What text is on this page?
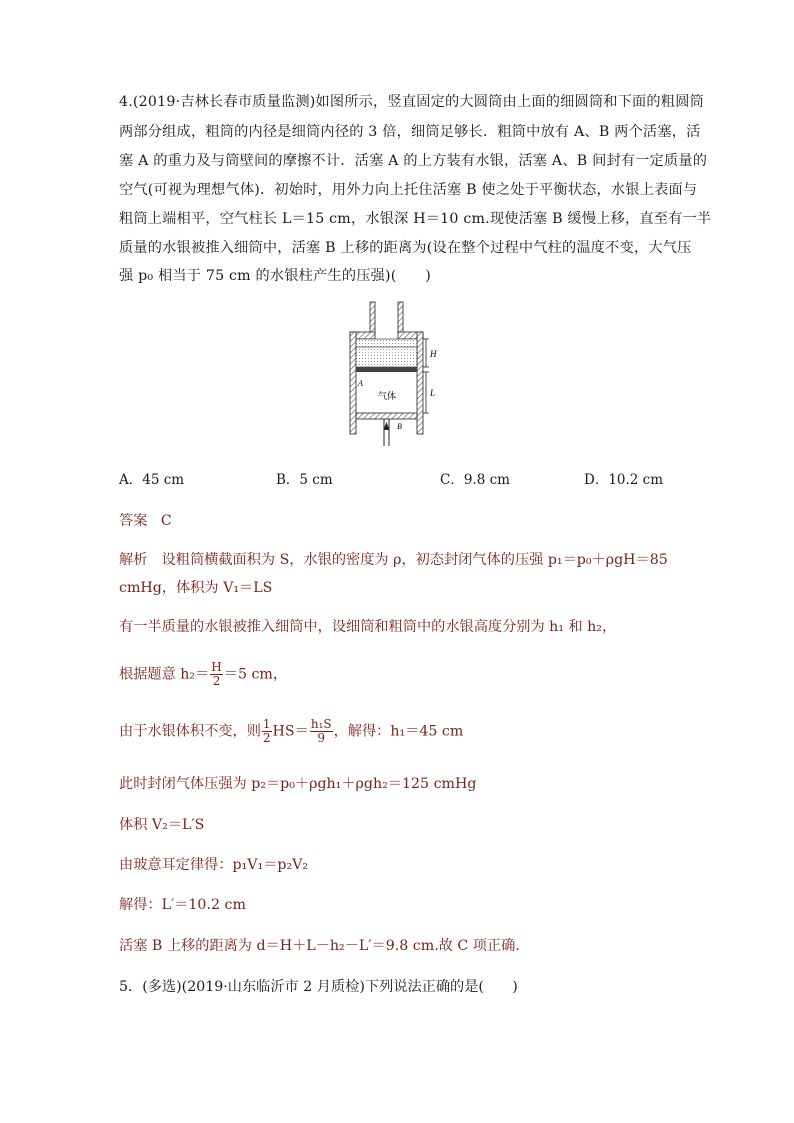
4.(2019·吉林长春市质量监测)如图所示，竖直固定的大圆筒由上面的细圆筒和下面的粗圆筒
两部分组成，粗筒的内径是细筒内径的 3 倍，细筒足够长．粗筒中放有 A、B 两个活塞，活
塞 A 的重力及与筒壁间的摩擦不计．活塞 A 的上方装有水银，活塞 A、B 间封有一定质量的
空气(可视为理想气体)．初始时，用外力向上托住活塞 B 使之处于平衡状态，水银上表面与
粗筒上端相平，空气柱长 L＝15 cm，水银深 H＝10 cm.现使活塞 B 缓慢上移，直至有一半
质量的水银被推入细筒中，活塞 B 上移的距离为(设在整个过程中气柱的温度不变，大气压
强 p₀ 相当于 75 cm 的水银柱产生的压强)(　　)
H
L
A
B
气体
A．45 cm	B．5 cm	C．9.8 cm	D．10.2 cm
答案 C
解析　设粗筒横截面积为 S，水银的密度为 ρ，初态封闭气体的压强 p₁＝p₀＋ρgH＝85
cmHg，体积为 V₁＝LS
有一半质量的水银被推入细筒中，设细筒和粗筒中的水银高度分别为 h₁ 和 h₂，
根据题意 $h_2= \frac{H}{2} =5$ cm，
由于水银体积不变，则 $\frac{1}{2} HS= \frac{\text{h₁S}}{9}$ ，解得：h₁＝45 cm
此时封闭气体压强为 p₂＝p₀＋ρgh₁＋ρgh₂＝125 cmHg
体积 V₂＝L′S
由玻意耳定律得：p₁V₁＝p₂V₂
解得：L′＝10.2 cm
活塞 B 上移的距离为 d＝H＋L－h₂－L′＝9.8 cm.故 C 项正确．
5．(多选)(2019·山东临沂市 2 月质检)下列说法正确的是(　　)
